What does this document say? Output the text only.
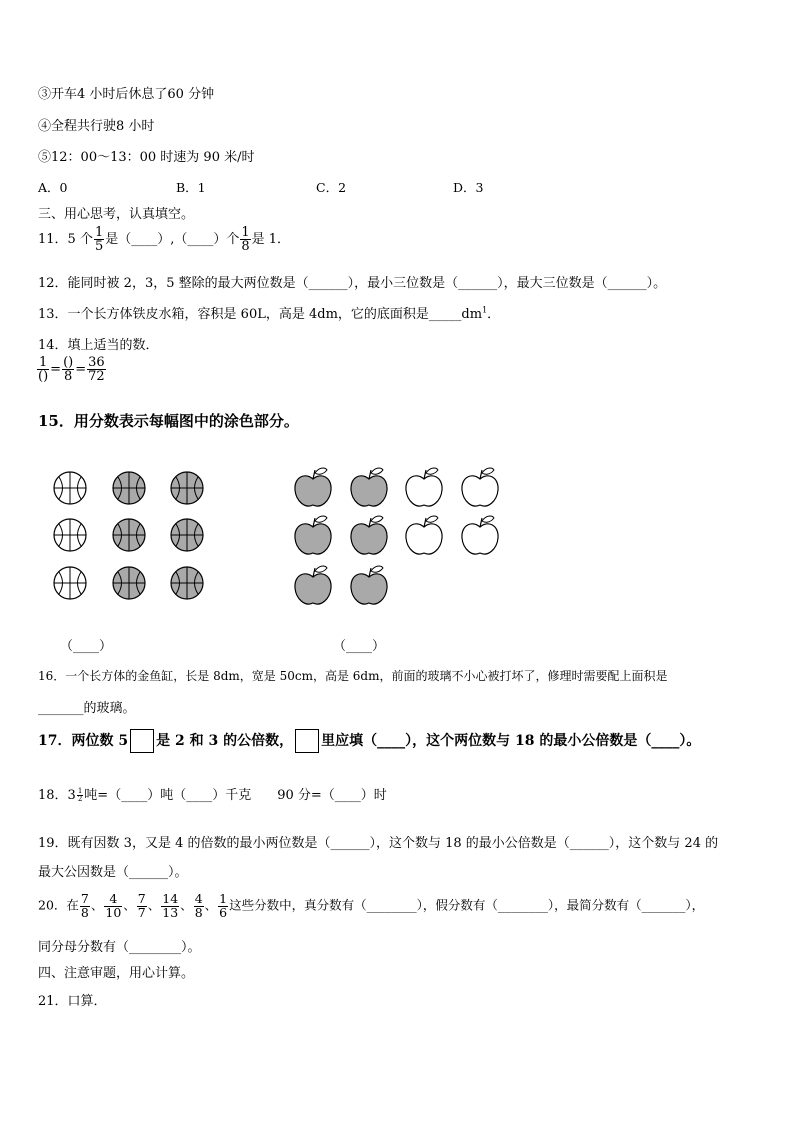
③开车4 小时后休息了60 分钟
④全程共行驶8 小时
⑤12：00～13：00 时速为 90 米/时
A．0	B．1	C．2	D．3
三、用心思考，认真填空。
11．5 个 $\frac{1}{5}$ 是（____）,（____）个 $\frac{1}{8}$ 是 1．
12．能同时被 2，3，5 整除的最大两位数是（______），最小三位数是（______），最大三位数是（______）。
13．一个长方体铁皮水箱，容积是 60L，高是 4dm，它的底面积是$\_\_\_\_\_dm^1$．
14．填上适当的数．
$\frac{1}{()} = \frac{()}{8} = \frac{36}{72}$
15．用分数表示每幅图中的涂色部分。
（____）	（____）
16．一个长方体的金鱼缸，长是 8dm，宽是 50cm，高是 6dm，前面的玻璃不小心被打坏了，修理时需要配上面积是
_______的玻璃。
17．两位数 5 是 2 和 3 的公倍数， 里应填（____），这个两位数与 18 的最小公倍数是（____）。
18．$3 \frac{1}{2}$ 吨=（____）吨（____）千克　　90 分=（____）时
19．既有因数 3，又是 4 的倍数的最小两位数是（______），这个数与 18 的最小公倍数是（______），这个数与 24 的
最大公因数是（______）。
20．在 $\frac{7}{8}$ 、 $\frac{4}{10}$ 、 $\frac{7}{7}$ 、 $\frac{14}{13}$ 、 $\frac{4}{8}$ 、 $\frac{1}{6}$ 这些分数中，真分数有（________），假分数有（________），最简分数有（_______），
同分母分数有（________）。
四、注意审题，用心计算。
21．口算．
